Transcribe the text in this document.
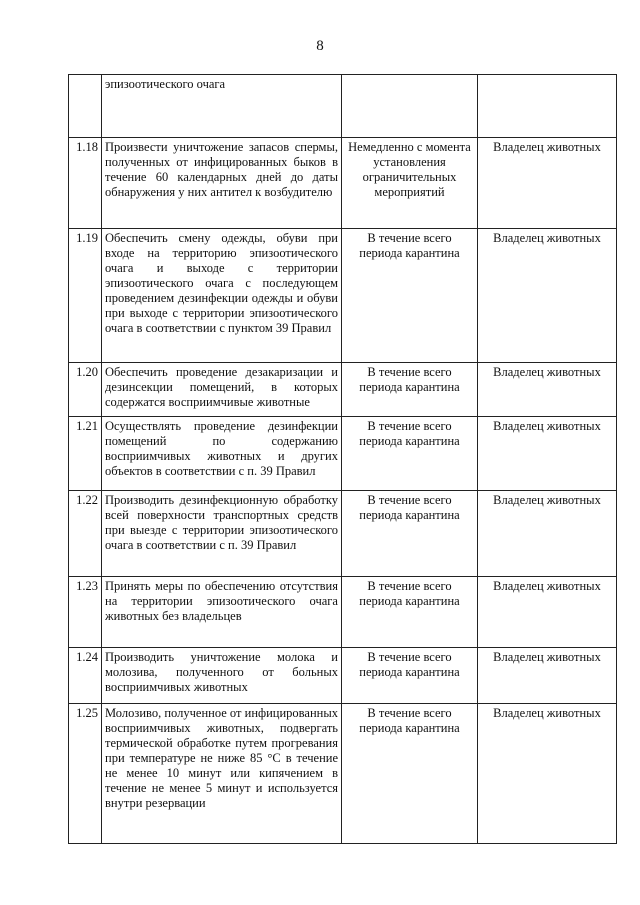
8
	эпизоотического очага		
1.18	Произвести уничтожение запасов спермы, полученных от инфицированных быков в течение 60 календарных дней до даты обнаружения у них антител к возбудителю	Немедленно с момента установления ограничительных мероприятий	Владелец животных
1.19	Обеспечить смену одежды, обуви при входе на территорию эпизоотического очага и выходе с территории эпизоотического очага с последующем проведением дезинфекции одежды и обуви при выходе с территории эпизоотического очага в соответствии с пунктом 39 Правил	В течение всего периода карантина	Владелец животных
1.20	Обеспечить проведение дезакаризации и дезинсекции помещений, в которых содержатся восприимчивые животные	В течение всего периода карантина	Владелец животных
1.21	Осуществлять проведение дезинфекции помещений по содержанию восприимчивых животных и других объектов в соответствии с п. 39 Правил	В течение всего периода карантина	Владелец животных
1.22	Производить дезинфекционную обработку всей поверхности транспортных средств при выезде с территории эпизоотического очага в соответствии с п. 39 Правил	В течение всего периода карантина	Владелец животных
1.23	Принять меры по обеспечению отсутствия на территории эпизоотического очага животных без владельцев	В течение всего периода карантина	Владелец животных
1.24	Производить уничтожение молока и молозива, полученного от больных восприимчивых животных	В течение всего периода карантина	Владелец животных
1.25	Молозиво, полученное от инфицированных восприимчивых животных, подвергать термической обработке путем прогревания при температуре не ниже 85 °С в течение не менее 10 минут или кипячением в течение не менее 5 минут и используется внутри резервации	В течение всего периода карантина	Владелец животных
